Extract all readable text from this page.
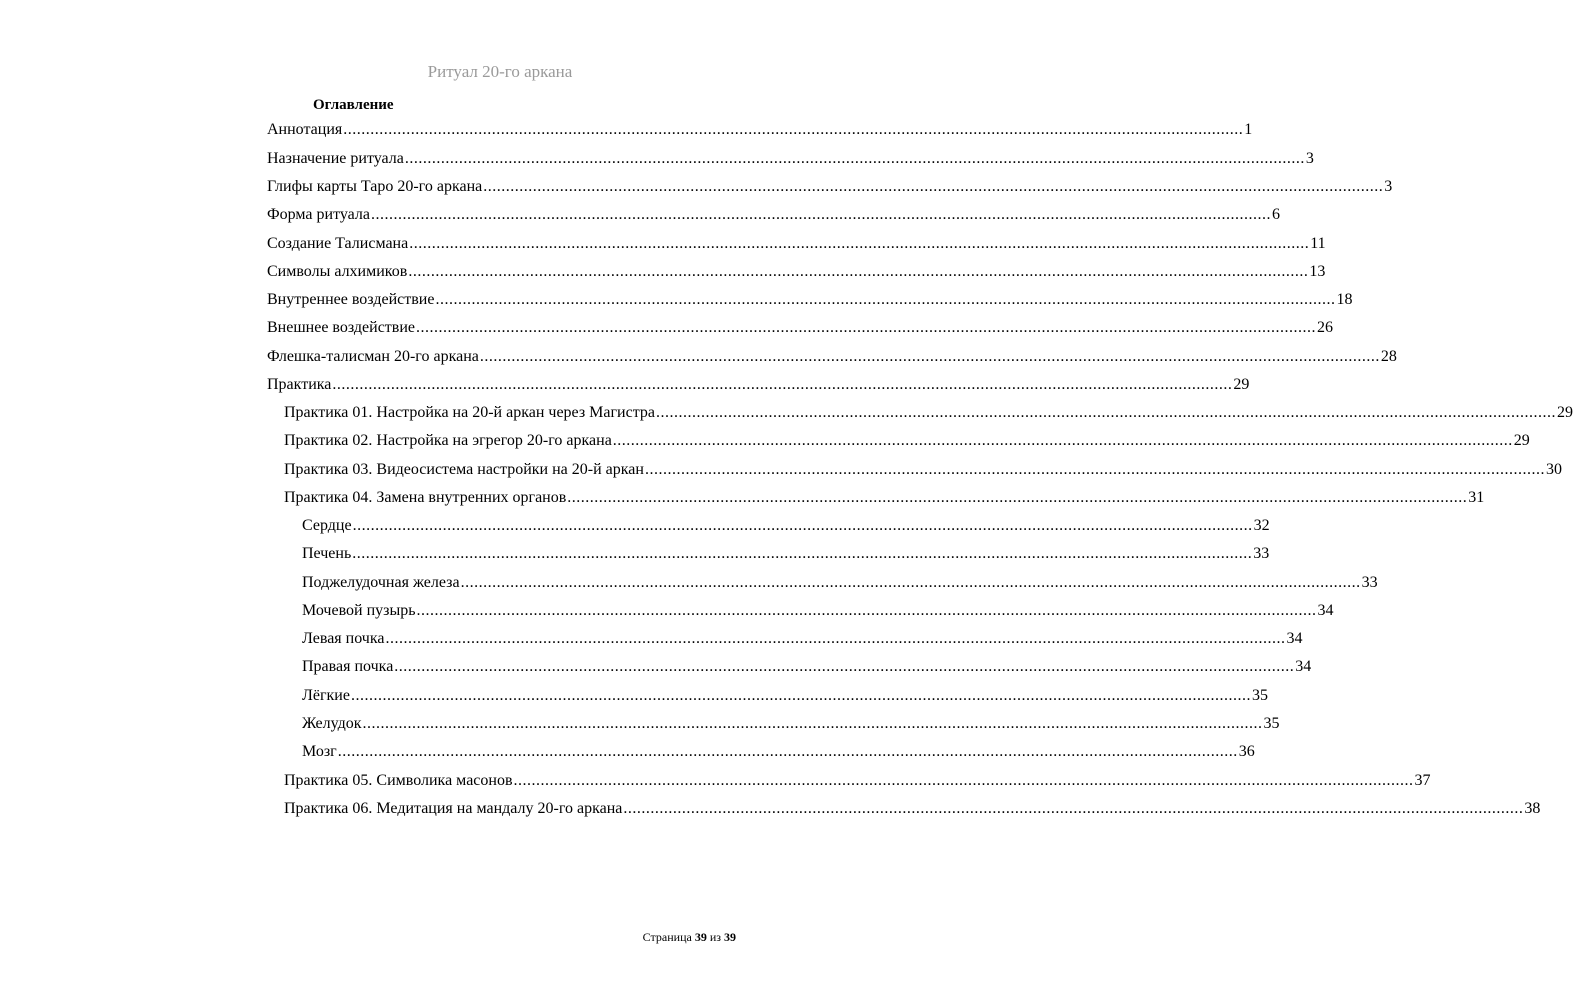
Ритуал 20-го аркана
Оглавление
Аннотация ........................................................................................................................................................................................................ 1
Назначение ритуала ........................................................................................................................................................................................................ 3
Глифы карты Таро 20-го аркана ........................................................................................................................................................................................................ 3
Форма ритуала ........................................................................................................................................................................................................ 6
Создание Талисмана ........................................................................................................................................................................................................ 11
Символы алхимиков ........................................................................................................................................................................................................ 13
Внутреннее воздействие ........................................................................................................................................................................................................ 18
Внешнее воздействие ........................................................................................................................................................................................................ 26
Флешка-талисман 20-го аркана ........................................................................................................................................................................................................ 28
Практика ........................................................................................................................................................................................................ 29
Практика 01. Настройка на 20-й аркан через Магистра ........................................................................................................................................................................................................ 29
Практика 02. Настройка на эгрегор 20-го аркана ........................................................................................................................................................................................................ 29
Практика 03. Видеосистема настройки на 20-й аркан ........................................................................................................................................................................................................ 30
Практика 04. Замена внутренних органов ........................................................................................................................................................................................................ 31
Сердце ........................................................................................................................................................................................................ 32
Печень ........................................................................................................................................................................................................ 33
Поджелудочная железа ........................................................................................................................................................................................................ 33
Мочевой пузырь ........................................................................................................................................................................................................ 34
Левая почка ........................................................................................................................................................................................................ 34
Правая почка ........................................................................................................................................................................................................ 34
Лёгкие ........................................................................................................................................................................................................ 35
Желудок ........................................................................................................................................................................................................ 35
Мозг ........................................................................................................................................................................................................ 36
Практика 05. Символика масонов ........................................................................................................................................................................................................ 37
Практика 06. Медитация на мандалу 20-го аркана ........................................................................................................................................................................................................ 38
Страница 39 из 39
